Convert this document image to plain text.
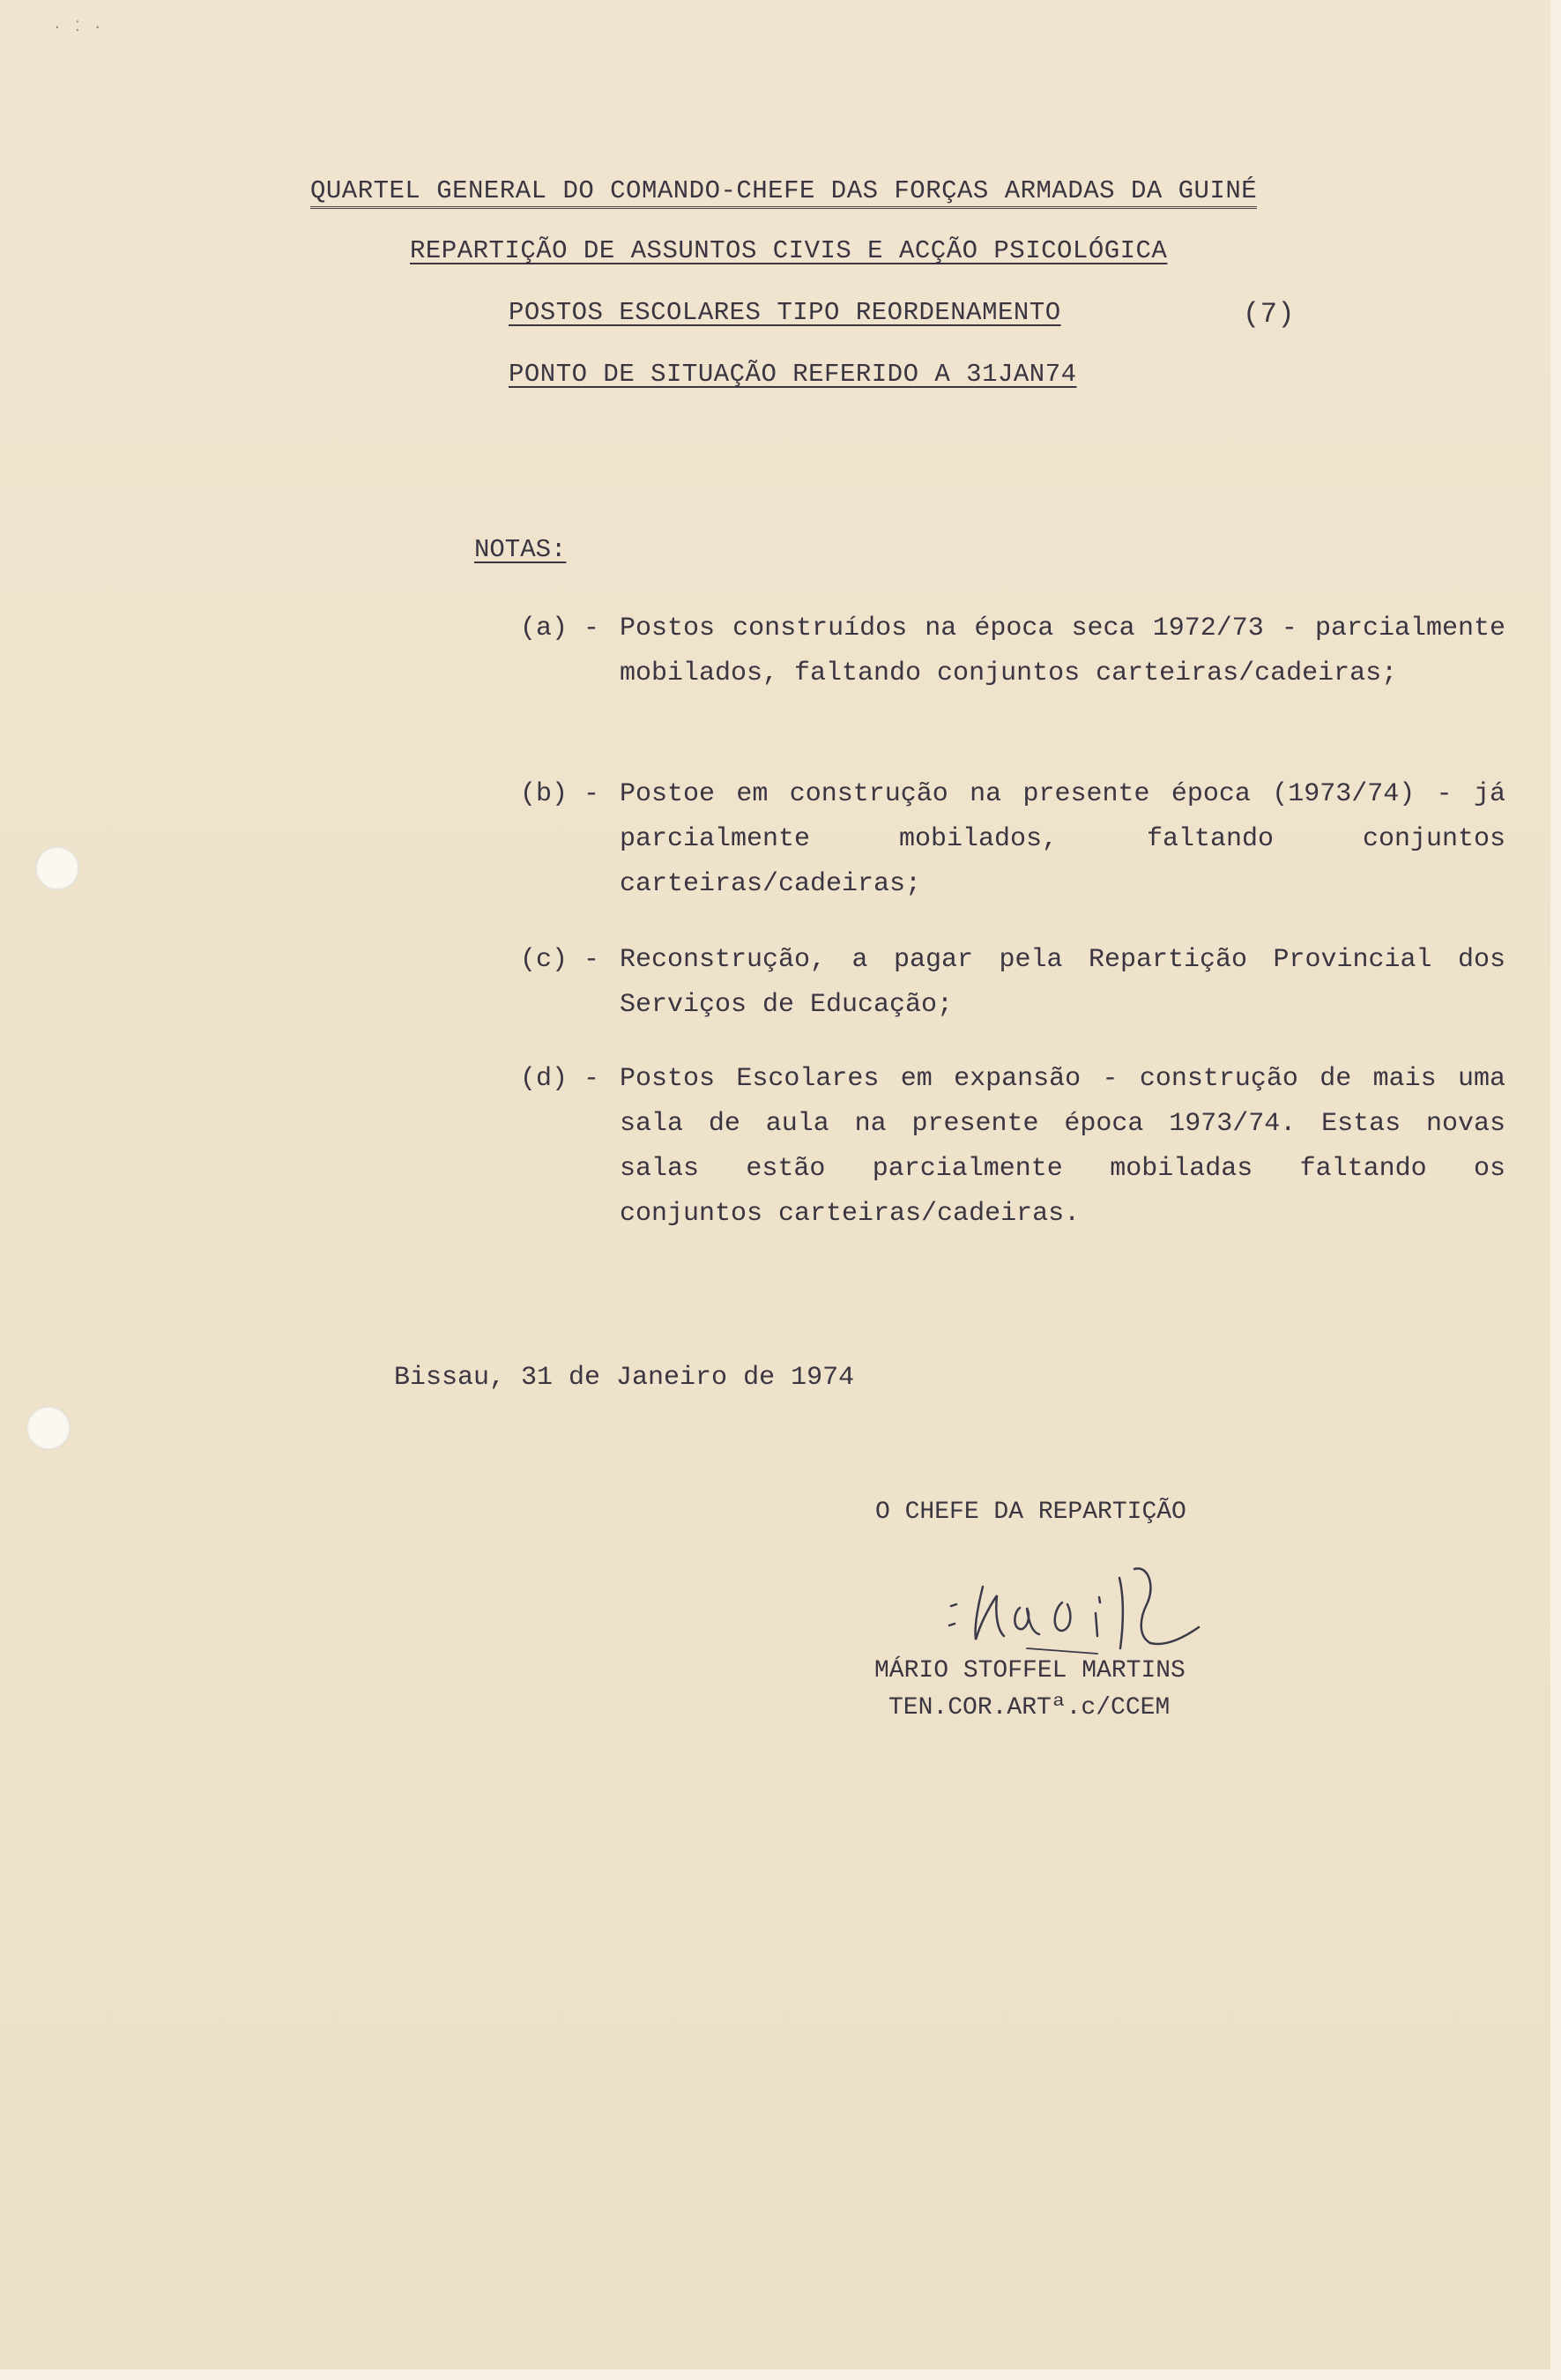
· ⁚ ·
QUARTEL GENERAL DO COMANDO-CHEFE DAS FORÇAS ARMADAS DA GUINÉ
REPARTIÇÃO DE ASSUNTOS CIVIS E ACÇÃO PSICOLÓGICA
POSTOS ESCOLARES TIPO REORDENAMENTO	(7)
PONTO DE SITUAÇÃO REFERIDO A 31JAN74
NOTAS:
(a) - Postos construídos na época seca 1972/73 - parcialmente mobilados, faltando conjuntos carteiras/cadeiras;
(b) - Postoe em construção na presente época (1973/74) - já parcialmente mobilados, faltando conjuntos carteiras/cadeiras;
(c) - Reconstrução, a pagar pela Repartição Provincial dos Serviços de Educação;
(d) - Postos Escolares em expansão - construção de mais uma sala de aula na presente época 1973/74. Estas novas salas estão parcialmente mobiladas faltando os conjuntos carteiras/cadeiras.
Bissau, 31 de Janeiro de 1974
O CHEFE DA REPARTIÇÃO
MÁRIO STOFFEL MARTINS
TEN.COR.ARTª.c/CCEM
